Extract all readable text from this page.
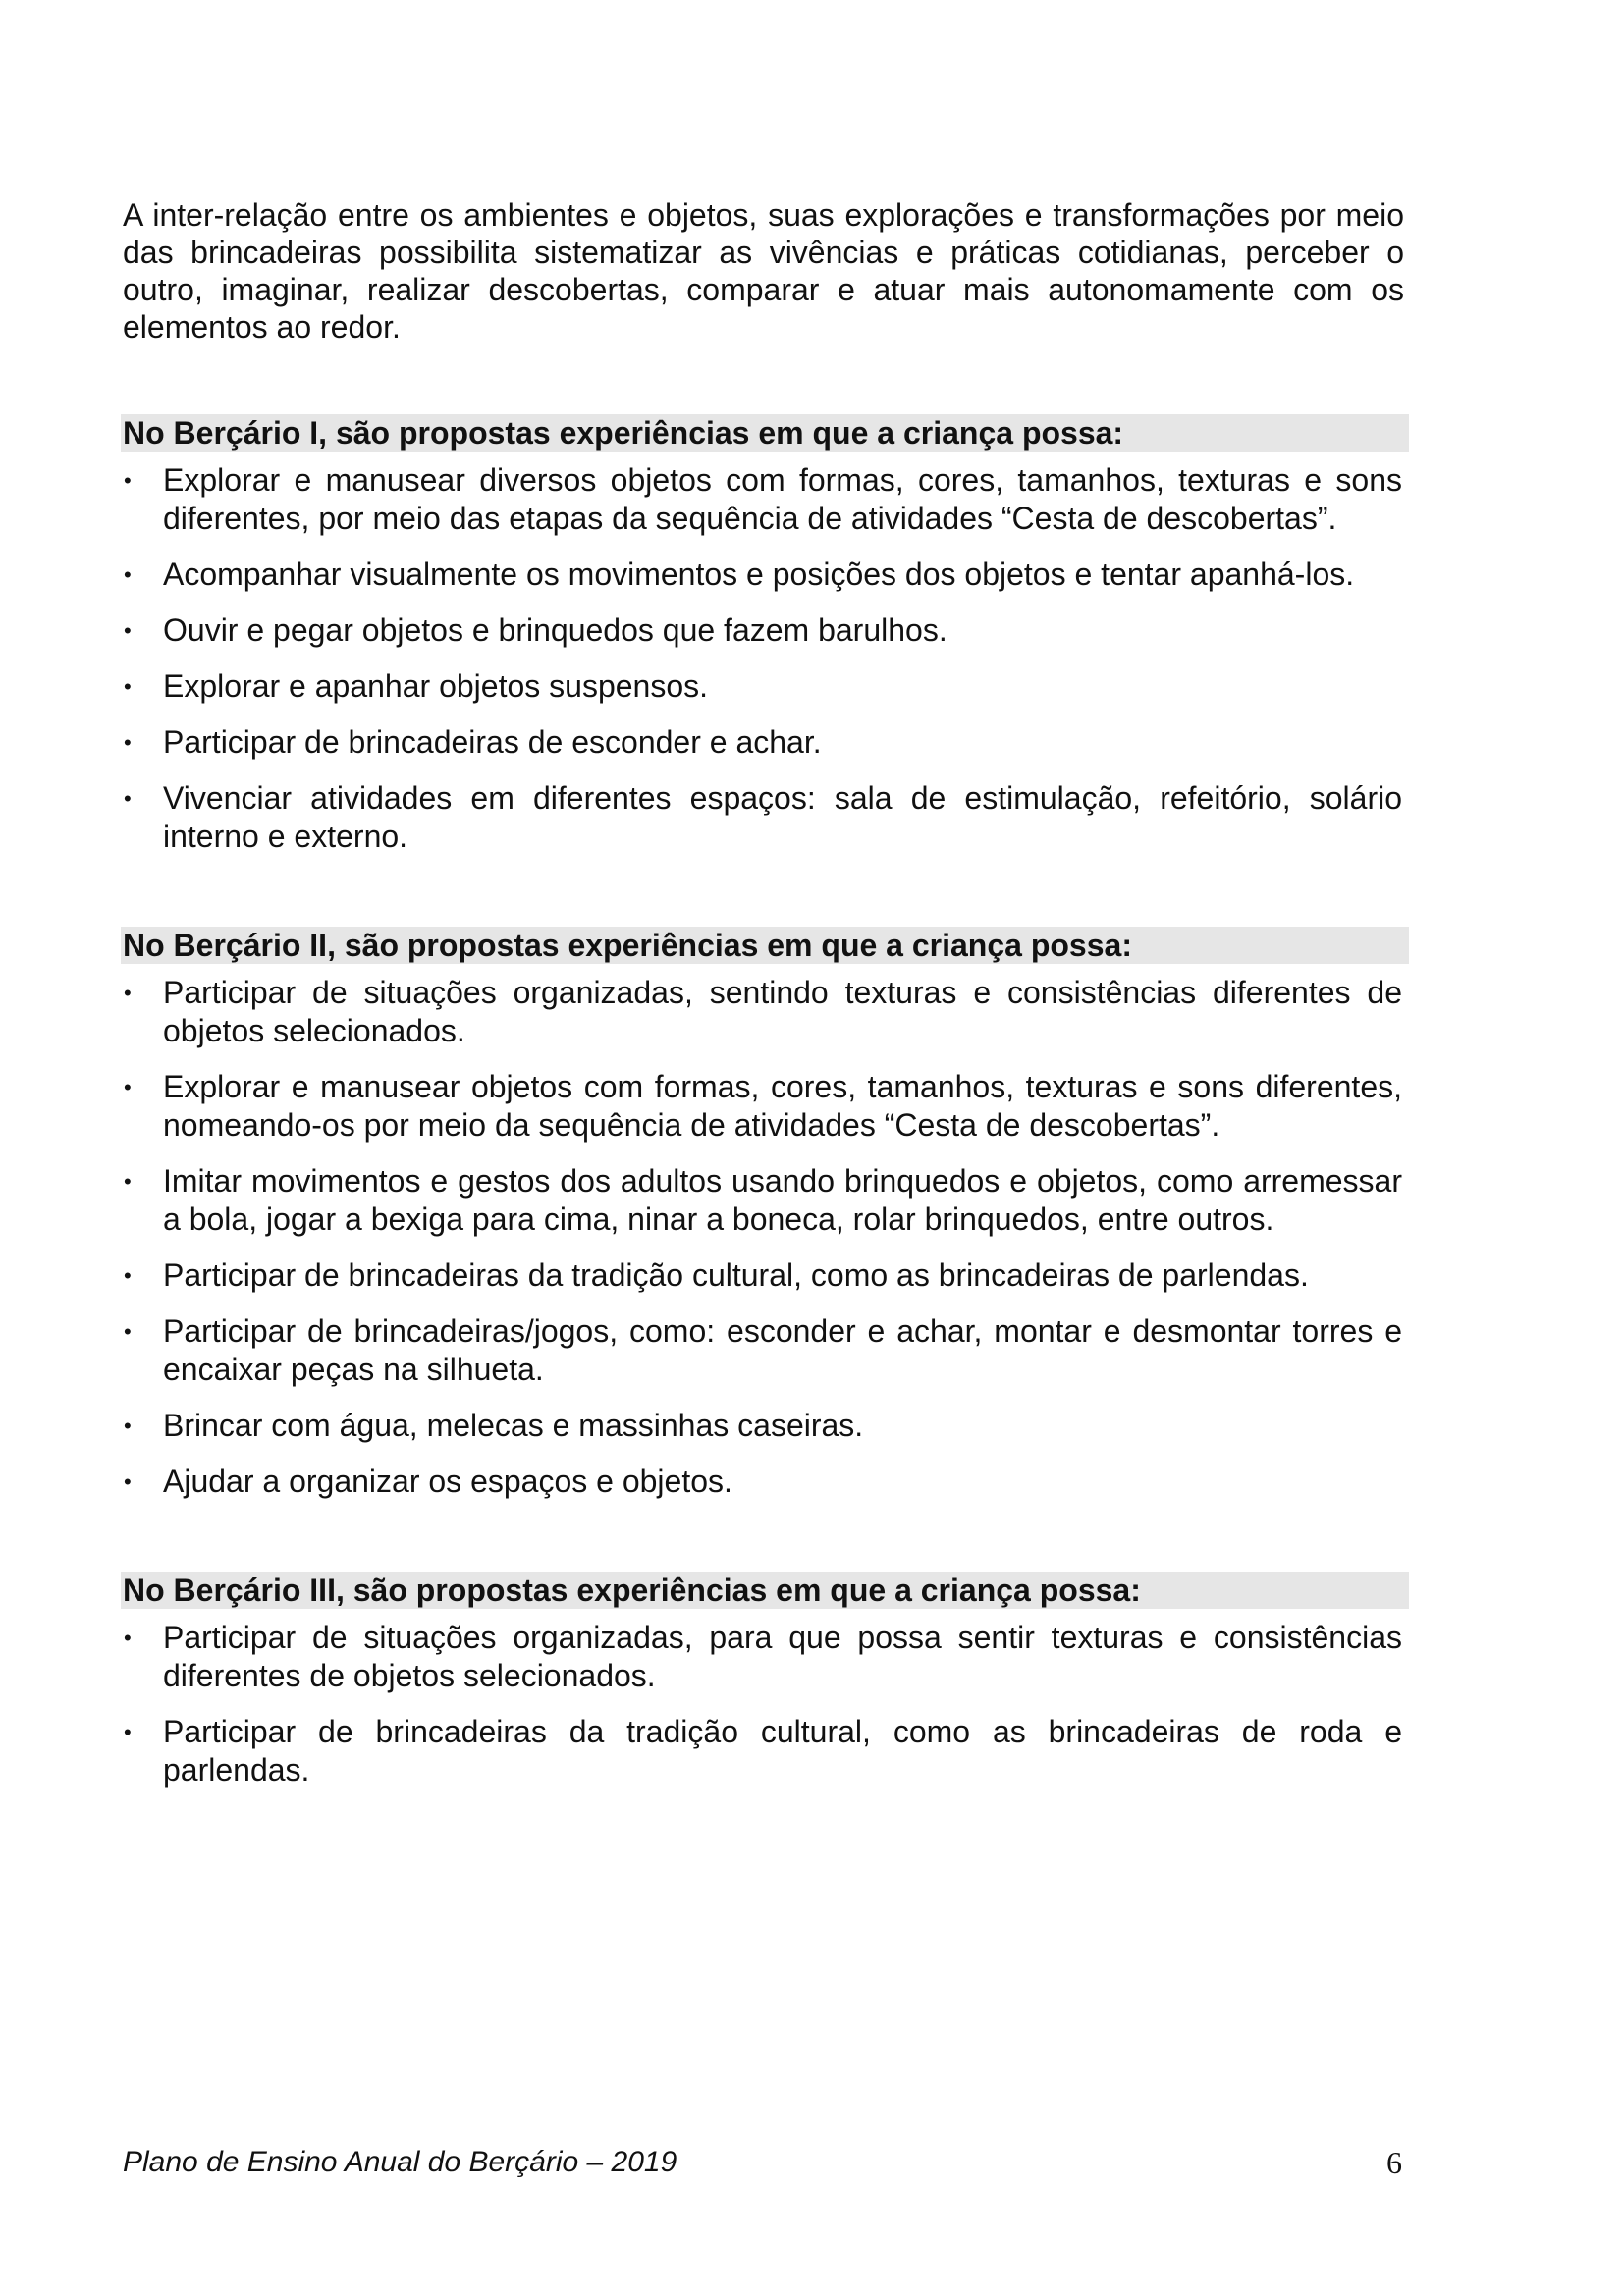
A inter-relação entre os ambientes e objetos, suas explorações e transformações por meio das brincadeiras possibilita sistematizar as vivências e práticas cotidianas, perceber o outro, imaginar, realizar descobertas, comparar e atuar mais autonomamente com os elementos ao redor.

No Berçário I, são propostas experiências em que a criança possa:
• Explorar e manusear diversos objetos com formas, cores, tamanhos, texturas e sons diferentes, por meio das etapas da sequência de atividades “Cesta de descobertas”.
• Acompanhar visualmente os movimentos e posições dos objetos e tentar apanhá-los.
• Ouvir e pegar objetos e brinquedos que fazem barulhos.
• Explorar e apanhar objetos suspensos.
• Participar de brincadeiras de esconder e achar.
• Vivenciar atividades em diferentes espaços: sala de estimulação, refeitório, solário interno e externo.
No Berçário II, são propostas experiências em que a criança possa:
• Participar de situações organizadas, sentindo texturas e consistências diferentes de objetos selecionados.
• Explorar e manusear objetos com formas, cores, tamanhos, texturas e sons diferentes, nomeando-os por meio da sequência de atividades “Cesta de descobertas”.
• Imitar movimentos e gestos dos adultos usando brinquedos e objetos, como arremessar a bola, jogar a bexiga para cima, ninar a boneca, rolar brinquedos, entre outros.
• Participar de brincadeiras da tradição cultural, como as brincadeiras de parlendas.
• Participar de brincadeiras/jogos, como: esconder e achar, montar e desmontar torres e encaixar peças na silhueta.
• Brincar com água, melecas e massinhas caseiras.
• Ajudar a organizar os espaços e objetos.
No Berçário III, são propostas experiências em que a criança possa:
• Participar de situações organizadas, para que possa sentir texturas e consistências diferentes de objetos selecionados.
• Participar de brincadeiras da tradição cultural, como as brincadeiras de roda e parlendas.
Plano de Ensino Anual do Berçário – 2019	6
